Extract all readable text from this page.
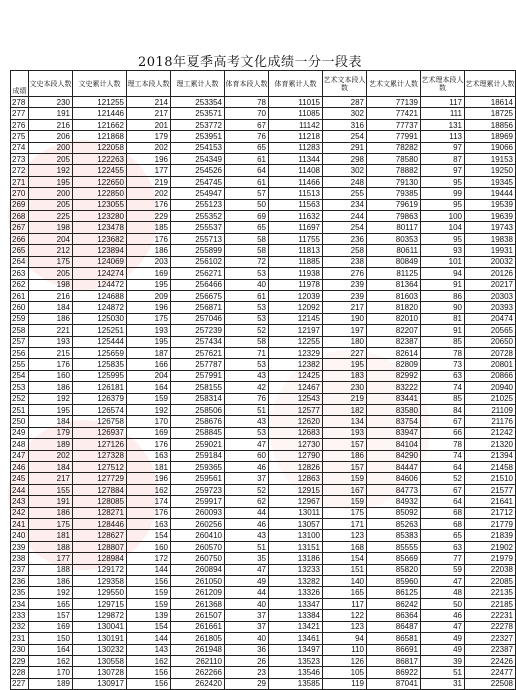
2018年夏季高考文化成绩一分一段表
成绩	文史本段人数	文史累计人数	理工本段人数	理工累计人数	体育本段人数	体育累计人数	艺术文本段人数	艺术文累计人数	艺术理本段人数	艺术理累计人数
278	230	121255	214	253354	78	11015	287	77139	117	18614
277	191	121446	217	253571	70	11085	302	77421	111	18725
276	216	121662	201	253772	67	11142	316	77737	131	18856
275	206	121868	179	253951	76	11218	254	77991	113	18969
274	200	122058	202	254153	65	11283	291	78282	97	19066
273	205	122263	196	254349	61	11344	298	78580	87	19153
272	192	122455	177	254526	64	11408	302	78882	97	19250
271	195	122650	219	254745	61	11466	248	79130	95	19345
270	200	122850	202	254947	57	11513	255	79385	99	19444
269	205	123055	176	255123	50	11563	234	79619	95	19539
268	225	123280	229	255352	69	11632	244	79863	100	19639
267	198	123478	185	255537	65	11697	254	80117	104	19743
266	204	123682	176	255713	58	11755	236	80353	95	19838
265	212	123894	186	255899	58	11813	258	80611	93	19931
264	175	124069	203	256102	72	11885	238	80849	101	20032
263	205	124274	169	256271	53	11938	276	81125	94	20126
262	198	124472	195	256466	40	11978	239	81364	91	20217
261	216	124688	209	256675	61	12039	239	81603	86	20303
260	184	124872	196	256871	53	12092	217	81820	90	20393
259	186	125030	175	257046	53	12145	190	82010	81	20474
258	221	125251	193	257239	52	12197	197	82207	91	20565
257	193	125444	195	257434	58	12255	180	82387	85	20650
256	215	125659	187	257621	71	12329	227	82614	78	20728
255	176	125835	166	257787	53	12382	195	82809	73	20801
254	160	125995	204	257991	43	12425	183	82992	63	20866
253	186	126181	164	258155	42	12467	230	83222	74	20940
252	192	126379	159	258314	76	12543	219	83441	85	21025
251	195	126574	192	258506	51	12577	182	83580	84	21109
250	184	126758	170	258676	43	12620	134	83754	67	21176
249	179	126937	169	258845	53	12683	193	83947	66	21242
248	189	127126	176	259021	47	12730	157	84104	78	21320
247	202	127328	163	259184	60	12790	186	84290	74	21394
246	184	127512	181	259365	46	12826	157	84447	64	21458
245	217	127729	196	259561	37	12863	159	84606	52	21510
244	155	127884	162	259723	52	12915	167	84773	67	21577
243	191	128085	174	259917	62	12967	159	84932	64	21641
242	186	128271	176	260093	44	13011	175	85092	68	21712
241	175	128446	163	260256	46	13057	171	85263	68	21779
240	181	128627	154	260410	43	13100	123	85383	65	21839
239	188	128807	160	260570	51	13151	168	85555	63	21902
238	177	128984	172	260750	35	13186	154	85669	77	21979
237	188	129172	144	260894	47	13233	151	85820	59	22038
236	186	129358	156	261050	49	13282	140	85960	47	22085
235	192	129550	159	261209	44	13326	165	86125	48	22135
234	165	129715	159	261368	40	13347	117	86242	50	22185
233	157	129872	139	261507	37	13384	122	86364	46	22231
232	169	130041	154	261661	37	13421	123	86487	47	22278
231	150	130191	144	261805	40	13461	94	86581	49	22327
230	164	130232	143	261948	36	13497	110	86691	49	22387
229	162	130558	162	262110	26	13523	126	86817	39	22426
228	170	130728	156	262266	23	13546	105	86922	51	22477
227	189	130917	156	262420	29	13585	119	87041	31	22508
